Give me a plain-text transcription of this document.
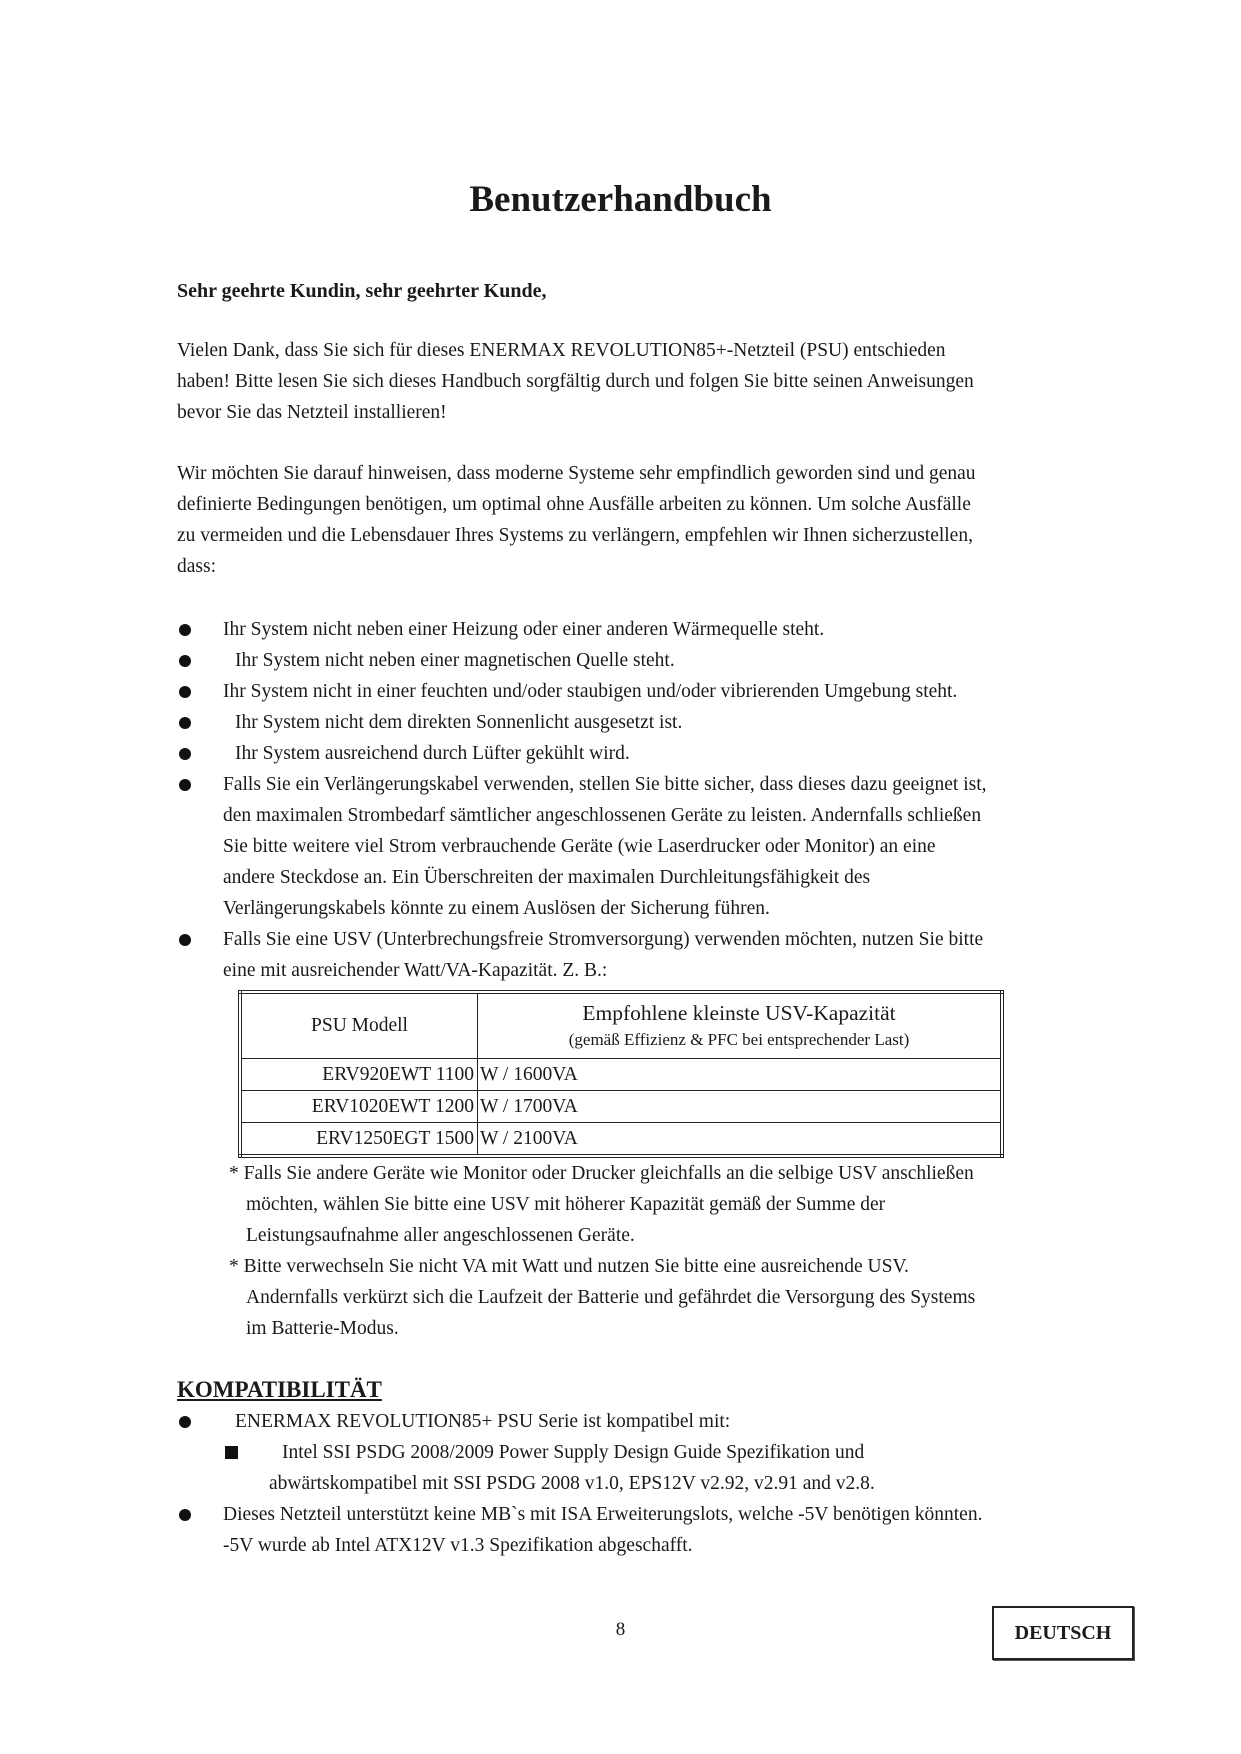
Benutzerhandbuch

Sehr geehrte Kundin, sehr geehrter Kunde,

Vielen Dank, dass Sie sich für dieses ENERMAX REVOLUTION85+-Netzteil (PSU) entschieden
haben! Bitte lesen Sie sich dieses Handbuch sorgfältig durch und folgen Sie bitte seinen Anweisungen
bevor Sie das Netzteil installieren!
Wir möchten Sie darauf hinweisen, dass moderne Systeme sehr empfindlich geworden sind und genau
definierte Bedingungen benötigen, um optimal ohne Ausfälle arbeiten zu können. Um solche Ausfälle
zu vermeiden und die Lebensdauer Ihres Systems zu verlängern, empfehlen wir Ihnen sicherzustellen,
dass:
Ihr System nicht neben einer Heizung oder einer anderen Wärmequelle steht.
Ihr System nicht neben einer magnetischen Quelle steht.
Ihr System nicht in einer feuchten und/oder staubigen und/oder vibrierenden Umgebung steht.
Ihr System nicht dem direkten Sonnenlicht ausgesetzt ist.
Ihr System ausreichend durch Lüfter gekühlt wird.
Falls Sie ein Verlängerungskabel verwenden, stellen Sie bitte sicher, dass dieses dazu geeignet ist,
den maximalen Strombedarf sämtlicher angeschlossenen Geräte zu leisten. Andernfalls schließen
Sie bitte weitere viel Strom verbrauchende Geräte (wie Laserdrucker oder Monitor) an eine
andere Steckdose an. Ein Überschreiten der maximalen Durchleitungsfähigkeit des
Verlängerungskabels könnte zu einem Auslösen der Sicherung führen.
Falls Sie eine USV (Unterbrechungsfreie Stromversorgung) verwenden möchten, nutzen Sie bitte
eine mit ausreichender Watt/VA-Kapazität. Z. B.:
PSU Modell	Empfohlene kleinste USV-Kapazität
(gemäß Effizienz & PFC bei entsprechender Last)

ERV920EWT 1100	W / 1600VA
ERV1020EWT 1200	W / 1700VA
ERV1250EGT 1500	W / 2100VA
* Falls Sie andere Geräte wie Monitor oder Drucker gleichfalls an die selbige USV anschließen
möchten, wählen Sie bitte eine USV mit höherer Kapazität gemäß der Summe der
Leistungsaufnahme aller angeschlossenen Geräte.
* Bitte verwechseln Sie nicht VA mit Watt und nutzen Sie bitte eine ausreichende USV.
Andernfalls verkürzt sich die Laufzeit der Batterie und gefährdet die Versorgung des Systems
im Batterie-Modus.
KOMPATIBILITÄT
ENERMAX REVOLUTION85+ PSU Serie ist kompatibel mit:
Intel SSI PSDG 2008/2009 Power Supply Design Guide Spezifikation und
abwärtskompatibel mit SSI PSDG 2008 v1.0, EPS12V v2.92, v2.91 and v2.8.
Dieses Netzteil unterstützt keine MB`s mit ISA Erweiterungslots, welche -5V benötigen könnten.
-5V wurde ab Intel ATX12V v1.3 Spezifikation abgeschafft.
8	DEUTSCH
